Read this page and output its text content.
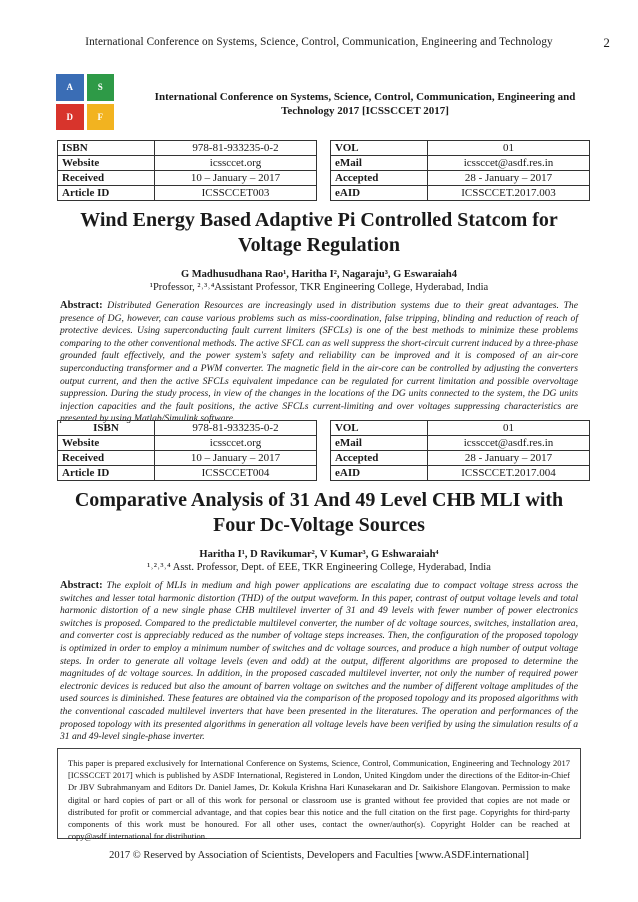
International Conference on Systems, Science, Control, Communication, Engineering and Technology	2
A	S
D	F
International Conference on Systems, Science, Control, Communication, Engineering and
Technology 2017 [ICSSCCET 2017]
ISBN	978-81-933235-0-2
Website	icssccet.org
Received	10 – January – 2017
Article ID	ICSSCCET003
VOL	01
eMail	icssccet@asdf.res.in
Accepted	28 - January – 2017
eAID	ICSSCCET.2017.003
Wind Energy Based Adaptive Pi Controlled Statcom for
Voltage Regulation
G Madhusudhana Rao¹, Haritha I², Nagaraju³, G Eswaraiah4
¹Professor, ²˒³˒⁴Assistant Professor, TKR Engineering College, Hyderabad, India
Abstract: Distributed Generation Resources are increasingly used in distribution systems due to their great advantages. The presence of DG, however, can cause various problems such as miss-coordination, false tripping, blinding and reduction of reach of protective devices. Using superconducting fault current limiters (SFCLs) is one of the best methods to minimize these problems comparing to the other conventional methods. The active SFCL can as well suppress the short-circuit current induced by a three-phase grounded fault effectively, and the power system's safety and reliability can be improved and it is composed of an air-core superconducting transformer and a PWM converter. The magnetic field in the air-core can be controlled by adjusting the converters output current, and then the active SFCLs equivalent impedance can be regulated for current limitation and possible overvoltage suppression. During the study process, in view of the changes in the locations of the DG units connected to the system, the DG units injection capacities and the fault positions, the active SFCLs current-limiting and over voltages suppressing characteristics are presented by using Matlab/Simulink software.
ISBN	978-81-933235-0-2
Website	icssccet.org
Received	10 – January – 2017
Article ID	ICSSCCET004
VOL	01
eMail	icssccet@asdf.res.in
Accepted	28 - January – 2017
eAID	ICSSCCET.2017.004
Comparative Analysis of 31 And 49 Level CHB MLI with
Four Dc-Voltage Sources
Haritha I¹, D Ravikumar², V Kumar³, G Eshwaraiah⁴
¹˒²˒³˒⁴ Asst. Professor, Dept. of EEE, TKR Engineering College, Hyderabad, India
Abstract: The exploit of MLIs in medium and high power applications are escalating due to compact voltage stress across the switches and lesser total harmonic distortion (THD) of the output waveform. In this paper, contrast of output voltage levels and total harmonic distortion of a new single phase CHB multilevel inverter of 31 and 49 levels with fewer number of power electronics switches is proposed. Compared to the predictable multilevel converter, the number of dc voltage sources, switches, installation area, and converter cost is appreciably reduced as the number of voltage steps increases. Then, the configuration of the proposed topology is optimized in order to employ a minimum number of switches and dc voltage sources, and produce a high number of output voltage steps. In order to generate all voltage levels (even and odd) at the output, different algorithms are proposed to determine the magnitudes of dc voltage sources. In addition, in the proposed cascaded multilevel inverter, not only the number of required power electronic devices is reduced but also the amount of barren voltage on switches and the number of different voltage amplitudes of the used sources is diminished. These features are obtained via the comparison of the proposed topology and its proposed algorithms with the conventional cascaded multilevel inverters that have been presented in the literatures. The operation and performances of the proposed topology with its presented algorithms in generation all voltage levels have been verified by using the simulation results of a 31 and 49-level single-phase inverter.

This paper is prepared exclusively for International Conference on Systems, Science, Control, Communication, Engineering and Technology 2017 [ICSSCCET 2017] which is published by ASDF International, Registered in London, United Kingdom under the directions of the Editor-in-Chief Dr JBV Subrahmanyam and Editors Dr. Daniel James, Dr. Kokula Krishna Hari Kunasekaran and Dr. Saikishore Elangovan. Permission to make digital or hard copies of part or all of this work for personal or classroom use is granted without fee provided that copies are not made or distributed for profit or commercial advantage, and that copies bear this notice and the full citation on the first page. Copyrights for third-party components of this work must be honoured. For all other uses, contact the owner/author(s). Copyright Holder can be reached at copy@asdf.international for distribution.

2017 © Reserved by Association of Scientists, Developers and Faculties [www.ASDF.international]
